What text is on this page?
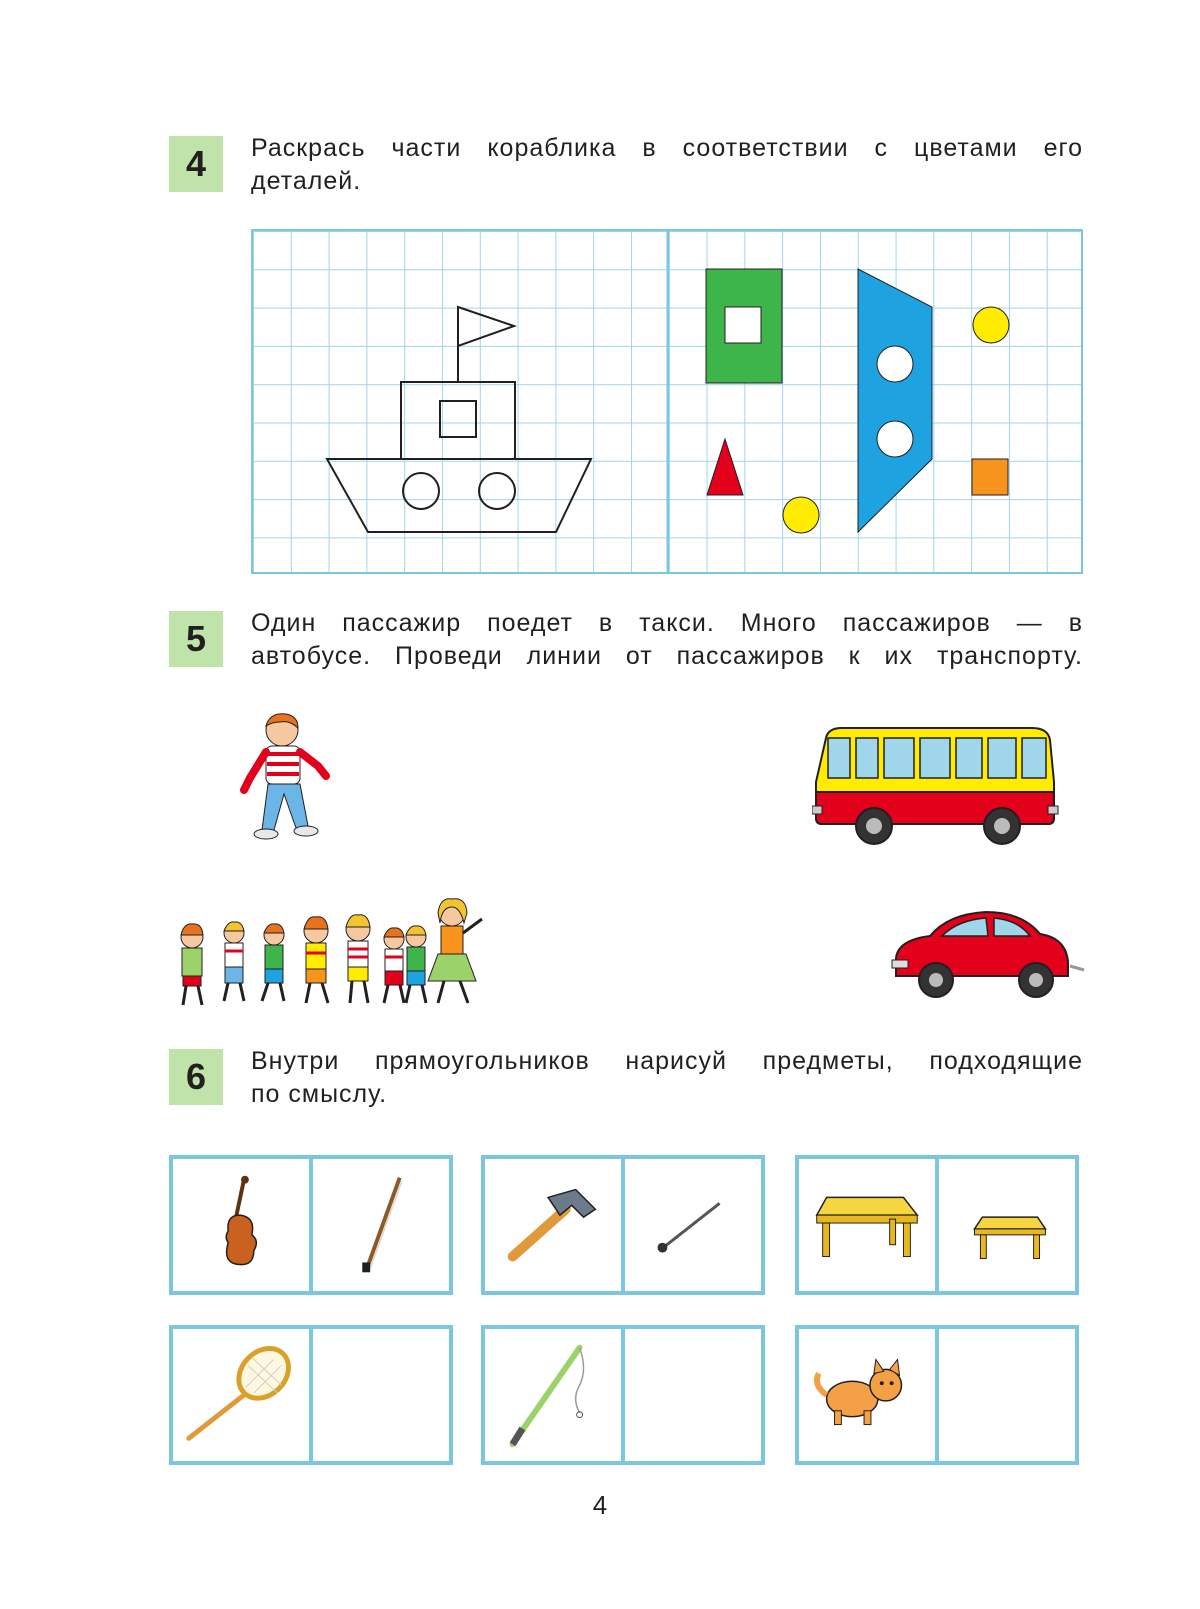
4	Раскрась части кораблика в соответствии с цветами его
деталей.
5	Один пассажир поедет в такси. Много пассажиров — в
автобусе. Проведи линии от пассажиров к их транспорту.
6	Внутри прямоугольников нарисуй предметы, подходящие
по смыслу.
4
